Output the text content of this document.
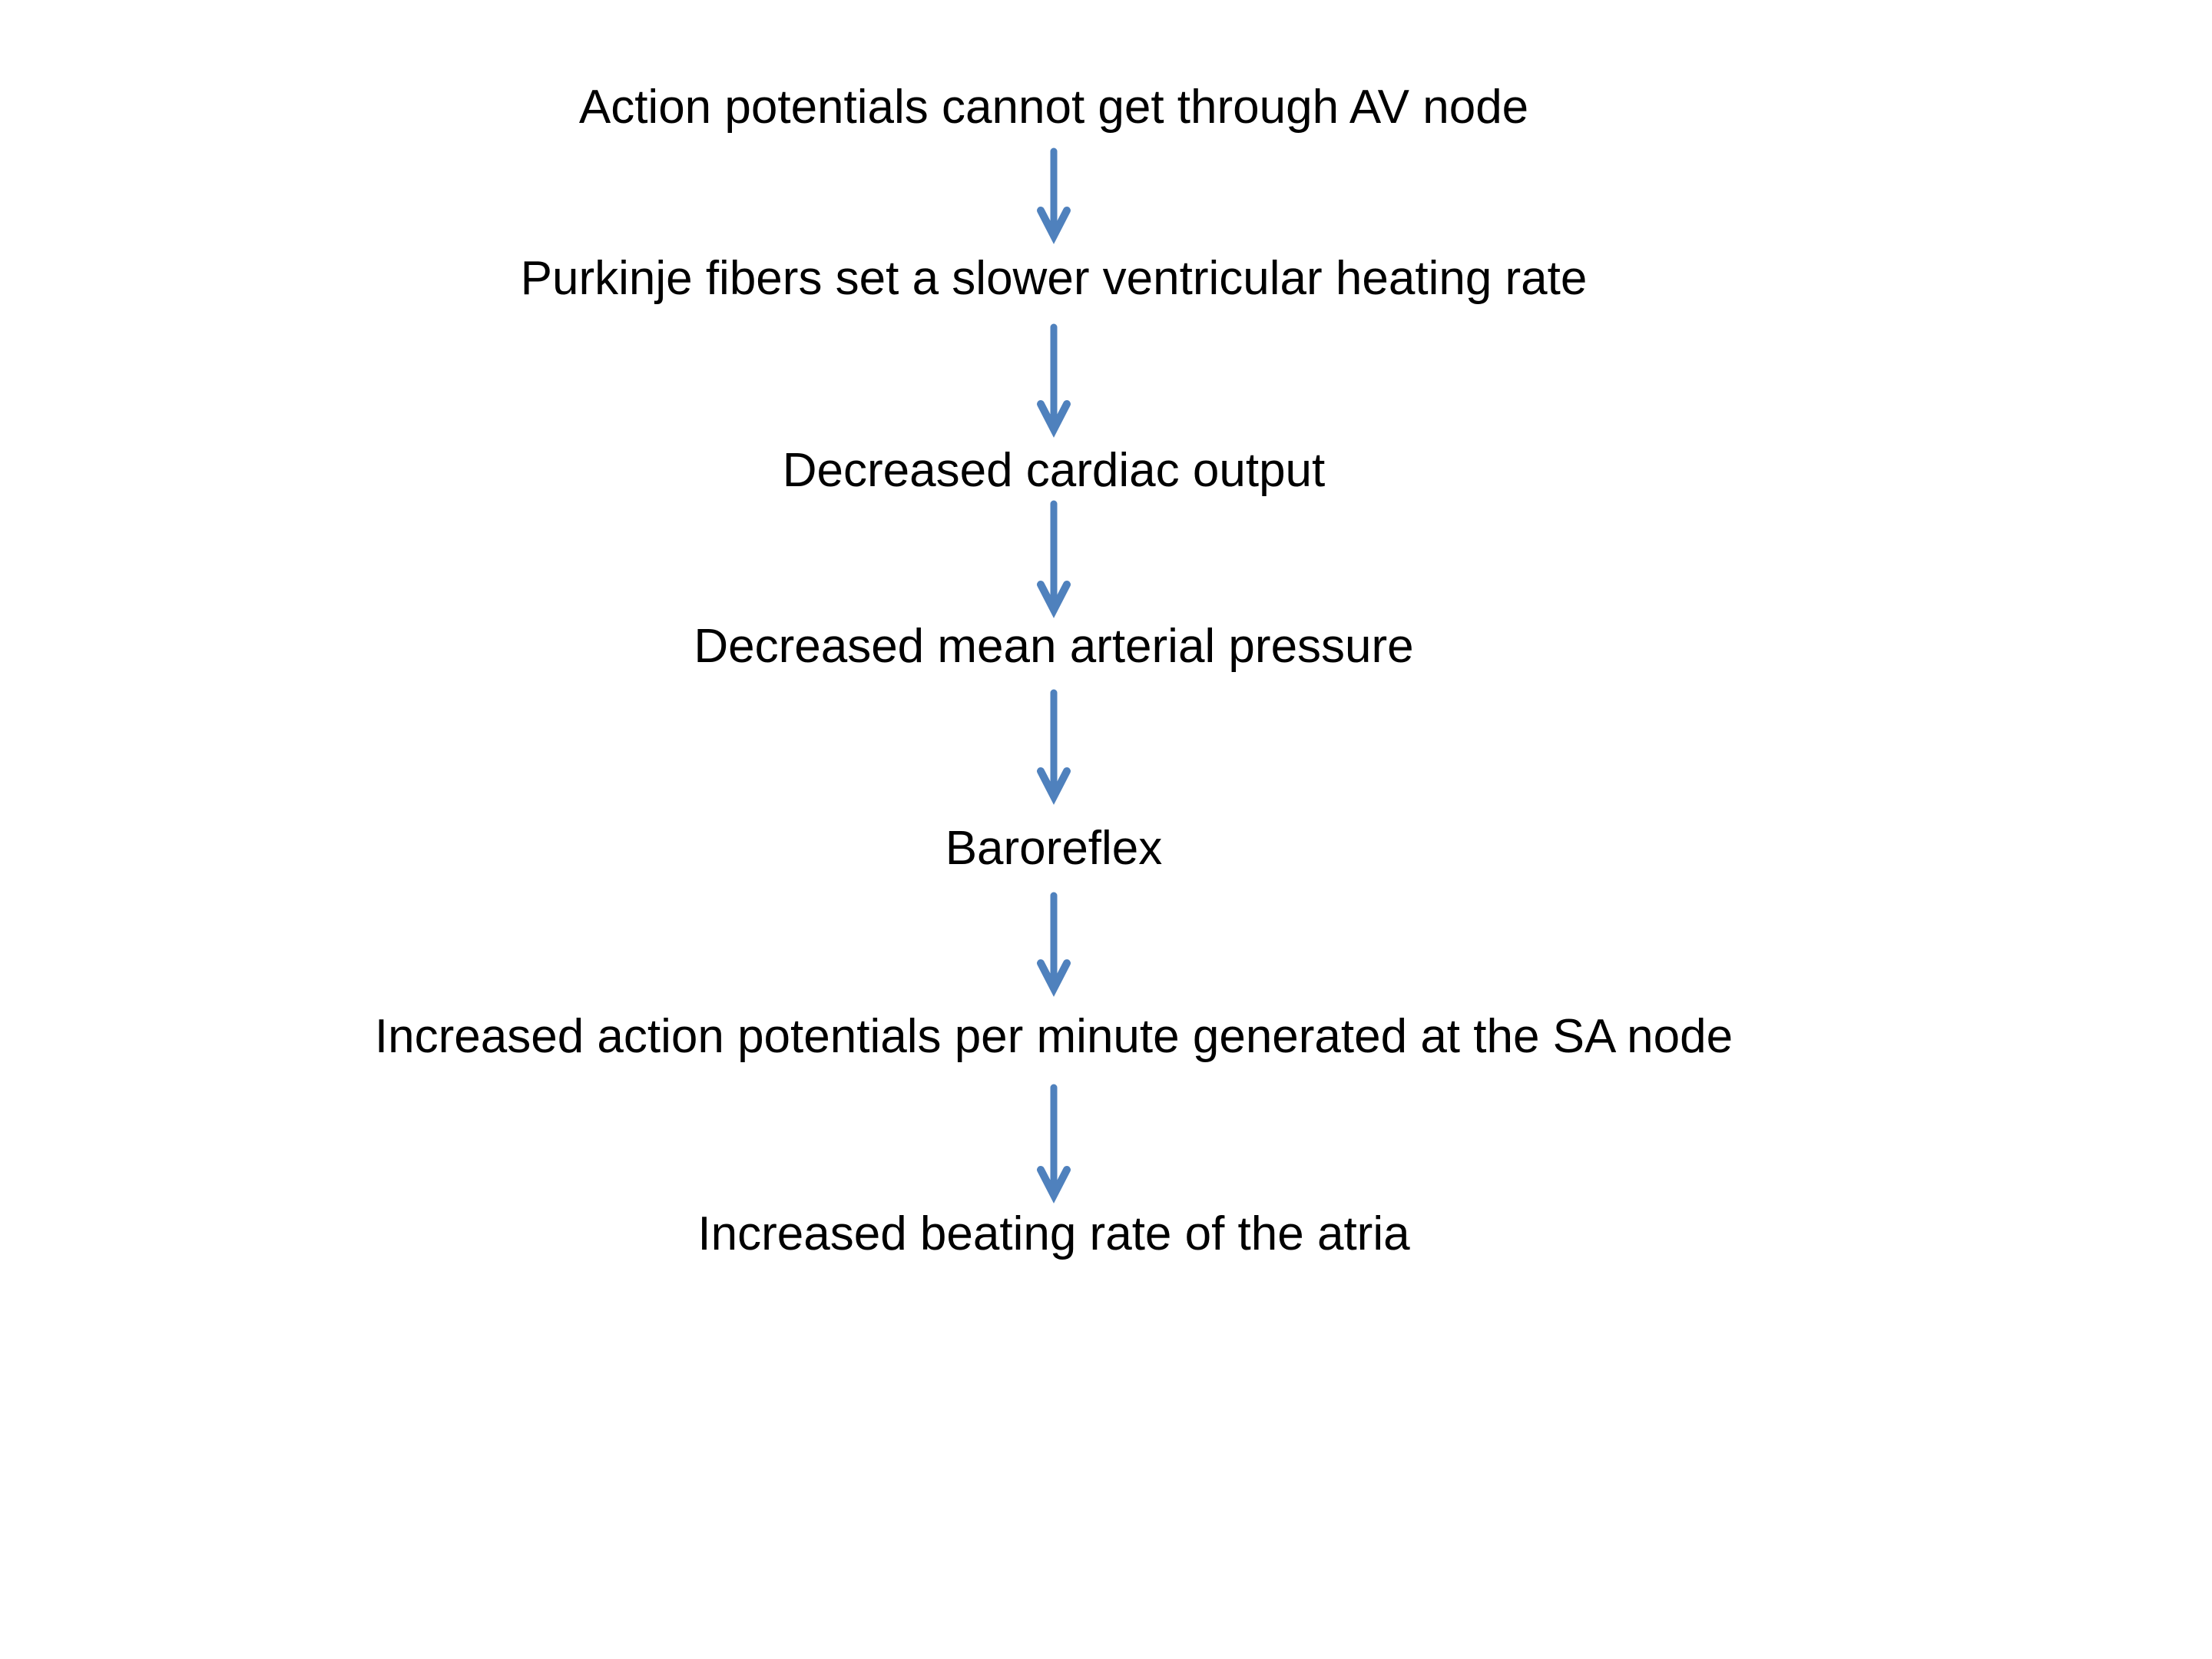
Action potentials cannot get through AV node
Purkinje fibers set a slower ventricular heating rate
Decreased cardiac output
Decreased mean arterial pressure
Baroreflex
Increased action potentials per minute generated at the SA node
Increased beating rate of the atria
